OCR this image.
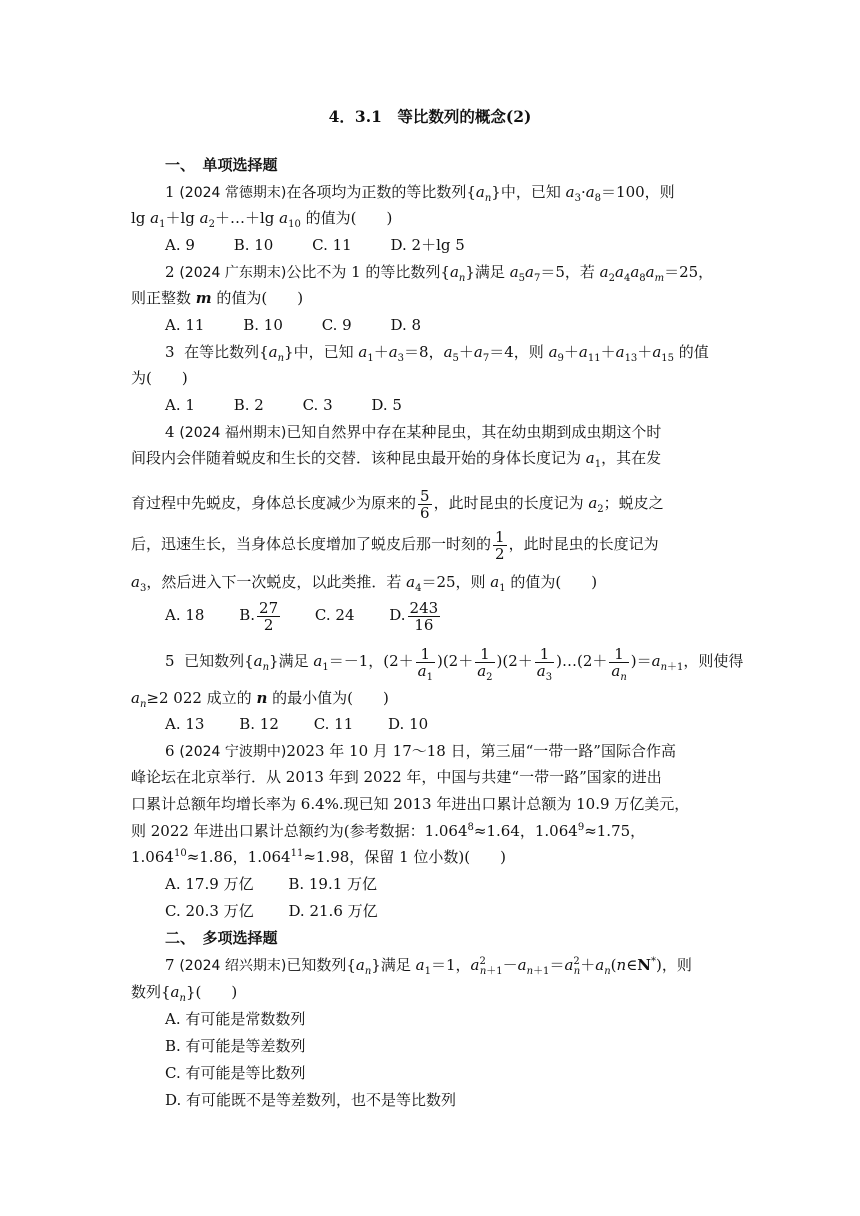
4．3.1　等比数列的概念(2)
一、　单项选择题
1 (2024 常德期末)在各项均为正数的等比数列$\{a_n\}$中，已知 $a_3\cdot a_8=100$，则
$\lg a_1+\lg$ $a_2+\dots+\lg$ $a_{10}$ 的值为(　　)
A. 9	B. 10	C. 11	D. 2＋lg 5
2 (2024 广东期末)公比不为 1 的等比数列$\{a_n\}$满足 $a_5a_7=5$，若 $a_2a_4a_8a_m=25$，
则正整数 m 的值为(　　)
A. 11	B. 10	C. 9	D. 8
3  在等比数列$\{a_n\}$中，已知 $a_1+a_3=8$，$a_5+a_7=4$，则 $a_9+a_{11}+a_{13}+a_{15}$ 的值
为(　　)
A. 1	B. 2	C. 3	D. 5
4 (2024 福州期末)已知自然界中存在某种昆虫，其在幼虫期到成虫期这个时
间段内会伴随着蜕皮和生长的交替．该种昆虫最开始的身体长度记为 $a_1$，其在发
育过程中先蜕皮，身体总长度减少为原来的 $\frac{5}{6}$ ，此时昆虫的长度记为 $a_2$；蜕皮之
后，迅速生长，当身体总长度增加了蜕皮后那一时刻的 $\frac{1}{2}$ ，此时昆虫的长度记为
$a_3$，然后进入下一次蜕皮，以此类推．若 $a_4=25$，则 $a_1$ 的值为(　　)
A. 18 B. $\frac{27}{2} C$. 24 D. $\frac{243}{16}$
5  已知数列$\{a_n\}$满足 $a_1=-1$，$(2+ \frac{1}{a_1} )(2+ \frac{1}{a_2} )(2+ \frac{1}{a_3}$ )…(2＋ $\frac{1}{a_n} )=a_{n+1}$，则使得
$a_n\ge 2$ 022 成立的 n 的最小值为(　　)
A. 13 B. 12 C. 11 D. 10
6 (2024 宁波期中)2023 年 10 月 17～18 日，第三届“一带一路”国际合作高
峰论坛在北京举行．从 2013 年到 2022 年，中国与共建“一带一路”国家的进出
口累计总额年均增长率为 6.4%.现已知 2013 年进出口累计总额为 10.9 万亿美元，
则 2022 年进出口累计总额约为(参考数据：$1.064^8\approx 1.64$，$1.064^9\approx 1.75$，
$1.064^{10}\approx 1.86$，$1.064^{11}\approx 1.98$，保留 1 位小数)(　　)
A. 17.9 万亿 B. 19.1 万亿
C. 20.3 万亿 D. 21.6 万亿
二、　多项选择题
7 (2024 绍兴期末)已知数列$\{a_n\}$满足 $a_1=1$，$a^2_{n+1}-a_{n+1}=a^2_n+a_n(n\in N^*)$，则
数列$\{a_n\}$(　　)
A. 有可能是常数数列
B. 有可能是等差数列
C. 有可能是等比数列
D. 有可能既不是等差数列，也不是等比数列
